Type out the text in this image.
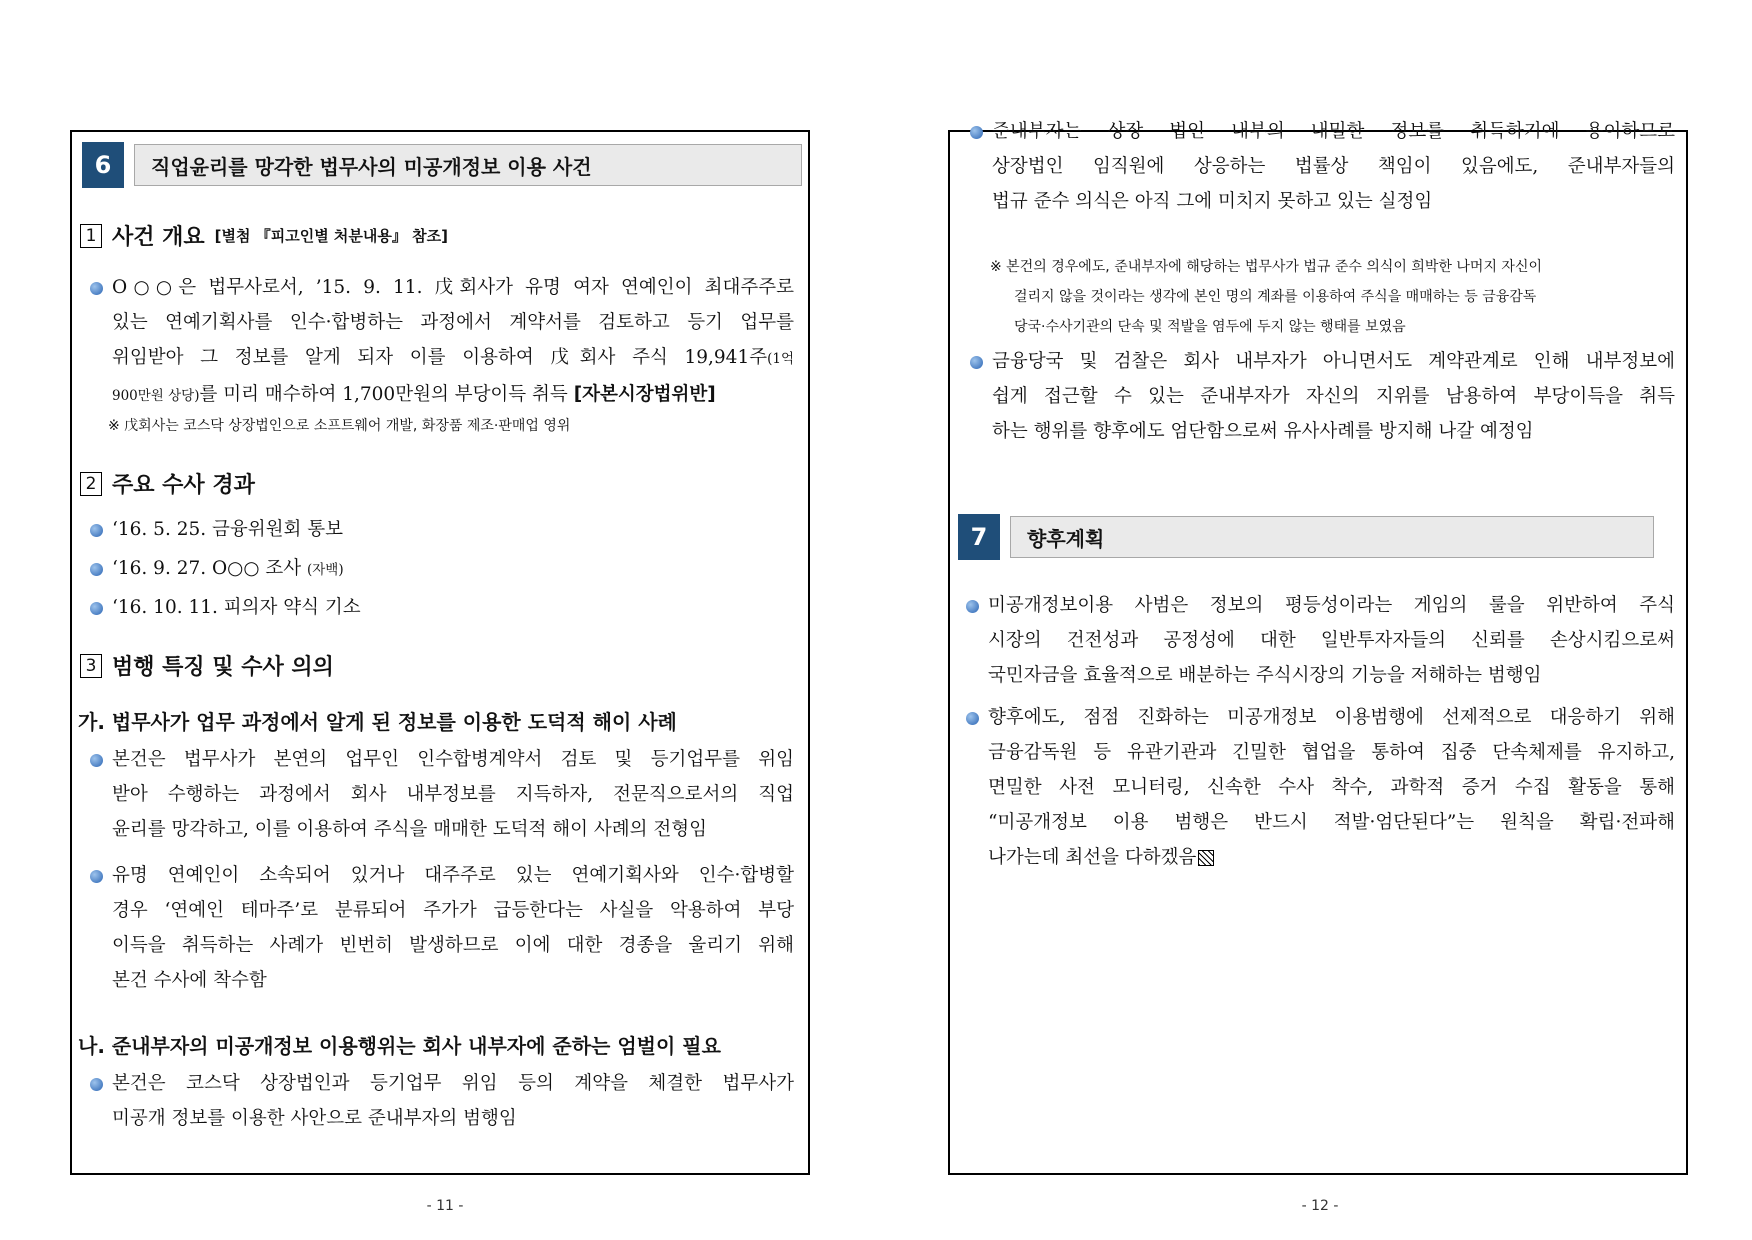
6	직업윤리를 망각한 법무사의 미공개정보 이용 사건
1 사건 개요 [별첨 『피고인별 처분내용』 참조]
O○○은 법무사로서, ’15. 9. 11. 戊회사가 유명 여자 연예인이 최대주주로
있는 연예기획사를 인수·합병하는 과정에서 계약서를 검토하고 등기 업무를
위임받아 그 정보를 알게 되자 이를 이용하여 戊회사 주식 19,941주(1억
900만원 상당)를 미리 매수하여 1,700만원의 부당이득 취득 [자본시장법위반]
※ 戊회사는 코스닥 상장법인으로 소프트웨어 개발, 화장품 제조·판매업 영위
2 주요 수사 경과
‘16. 5. 25. 금융위원회 통보
‘16. 9. 27. O○○ 조사 (자백)
‘16. 10. 11. 피의자 약식 기소
3 범행 특징 및 수사 의의
가. 법무사가 업무 과정에서 알게 된 정보를 이용한 도덕적 해이 사례
본건은 법무사가 본연의 업무인 인수합병계약서 검토 및 등기업무를 위임
받아 수행하는 과정에서 회사 내부정보를 지득하자, 전문직으로서의 직업
윤리를 망각하고, 이를 이용하여 주식을 매매한 도덕적 해이 사례의 전형임
유명 연예인이 소속되어 있거나 대주주로 있는 연예기획사와 인수·합병할
경우 ‘연예인 테마주’로 분류되어 주가가 급등한다는 사실을 악용하여 부당
이득을 취득하는 사례가 빈번히 발생하므로 이에 대한 경종을 울리기 위해
본건 수사에 착수함
나. 준내부자의 미공개정보 이용행위는 회사 내부자에 준하는 엄벌이 필요
본건은 코스닥 상장법인과 등기업무 위임 등의 계약을 체결한 법무사가
미공개 정보를 이용한 사안으로 준내부자의 범행임
- 11 -
준내부자는 상장 법인 내부의 내밀한 정보를 취득하기에 용이하므로
상장법인 임직원에 상응하는 법률상 책임이 있음에도, 준내부자들의
법규 준수 의식은 아직 그에 미치지 못하고 있는 실정임
※ 본건의 경우에도, 준내부자에 해당하는 법무사가 법규 준수 의식이 희박한 나머지 자신이
걸리지 않을 것이라는 생각에 본인 명의 계좌를 이용하여 주식을 매매하는 등 금융감독
당국·수사기관의 단속 및 적발을 염두에 두지 않는 행태를 보였음
금융당국 및 검찰은 회사 내부자가 아니면서도 계약관계로 인해 내부정보에
쉽게 접근할 수 있는 준내부자가 자신의 지위를 남용하여 부당이득을 취득
하는 행위를 향후에도 엄단함으로써 유사사례를 방지해 나갈 예정임
7	향후계획
미공개정보이용 사범은 정보의 평등성이라는 게임의 룰을 위반하여 주식
시장의 건전성과 공정성에 대한 일반투자자들의 신뢰를 손상시킴으로써
국민자금을 효율적으로 배분하는 주식시장의 기능을 저해하는 범행임
향후에도, 점점 진화하는 미공개정보 이용범행에 선제적으로 대응하기 위해
금융감독원 등 유관기관과 긴밀한 협업을 통하여 집중 단속체제를 유지하고,
면밀한 사전 모니터링, 신속한 수사 착수, 과학적 증거 수집 활동을 통해
“미공개정보 이용 범행은 반드시 적발·엄단된다”는 원칙을 확립·전파해
나가는데 최선을 다하겠음
- 12 -
